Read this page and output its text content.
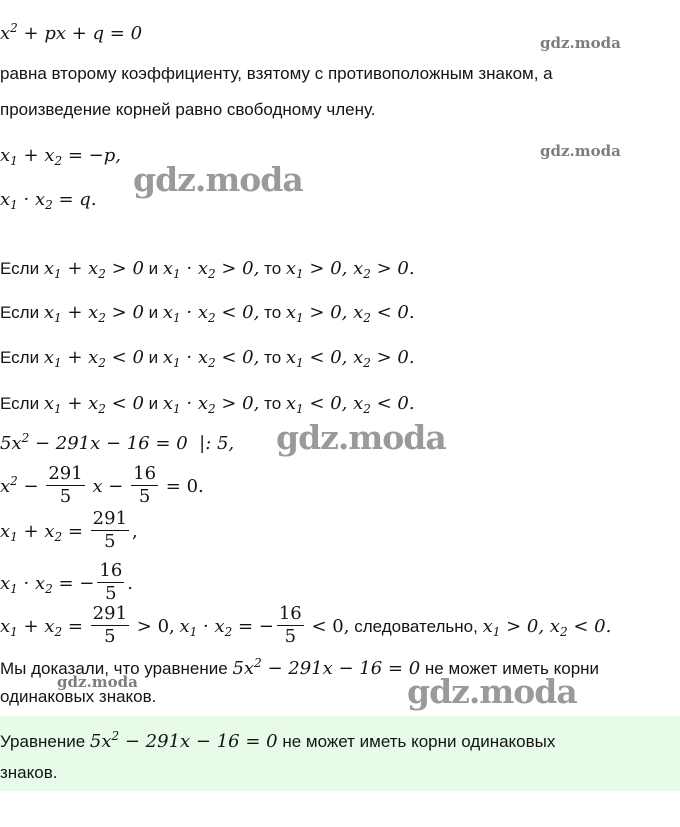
$x^2$ + px + q = 0
равна второму коэффициенту, взятому с противоположным знаком, а
произведение корней равно свободному члену.
$x_1 + x_2 = -p$,
$x_1 \cdot x_2 = q$.
Если $x_1 + x_2 > 0$ и $x_1 \cdot x_2 > 0$, то $x_1 > 0$, $x_2 > 0$.
Если $x_1 + x_2 > 0$ и $x_1 \cdot x_2 < 0$, то $x_1 > 0$, $x_2 < 0$.
Если $x_1 + x_2 < 0$ и $x_1 \cdot x_2 < 0$, то $x_1 < 0$, $x_2 > 0$.
Если $x_1 + x_2 < 0$ и $x_1 \cdot x_2 > 0$, то $x_1 < 0$, $x_2 < 0$.
$5x^2 - 291x - 16 = 0$  |: 5,
$x^2 - \frac{291}{5}$ $x - \frac{16}{5} = 0$.
$x_1 + x_2 = \frac{291}{5}$ ,
$x_1 \cdot x_2$ = − $\frac{16}{5}$ .
$x_1 + x_2 = \frac{291}{5} > 0$, $x_1 \cdot x_2$ = − $\frac{16}{5} < 0$, следовательно, $x_1 > 0$, $x_2 < 0$.
Мы доказали, что уравнение $5x^2 - 291x - 16 = 0$ не может иметь корни
одинаковых знаков.
Уравнение $5x^2 - 291x - 16 = 0$ не может иметь корни одинаковых
знаков.
gdz.moda
gdz.moda
gdz.moda
gdz.moda
gdz.moda	gdz.moda
